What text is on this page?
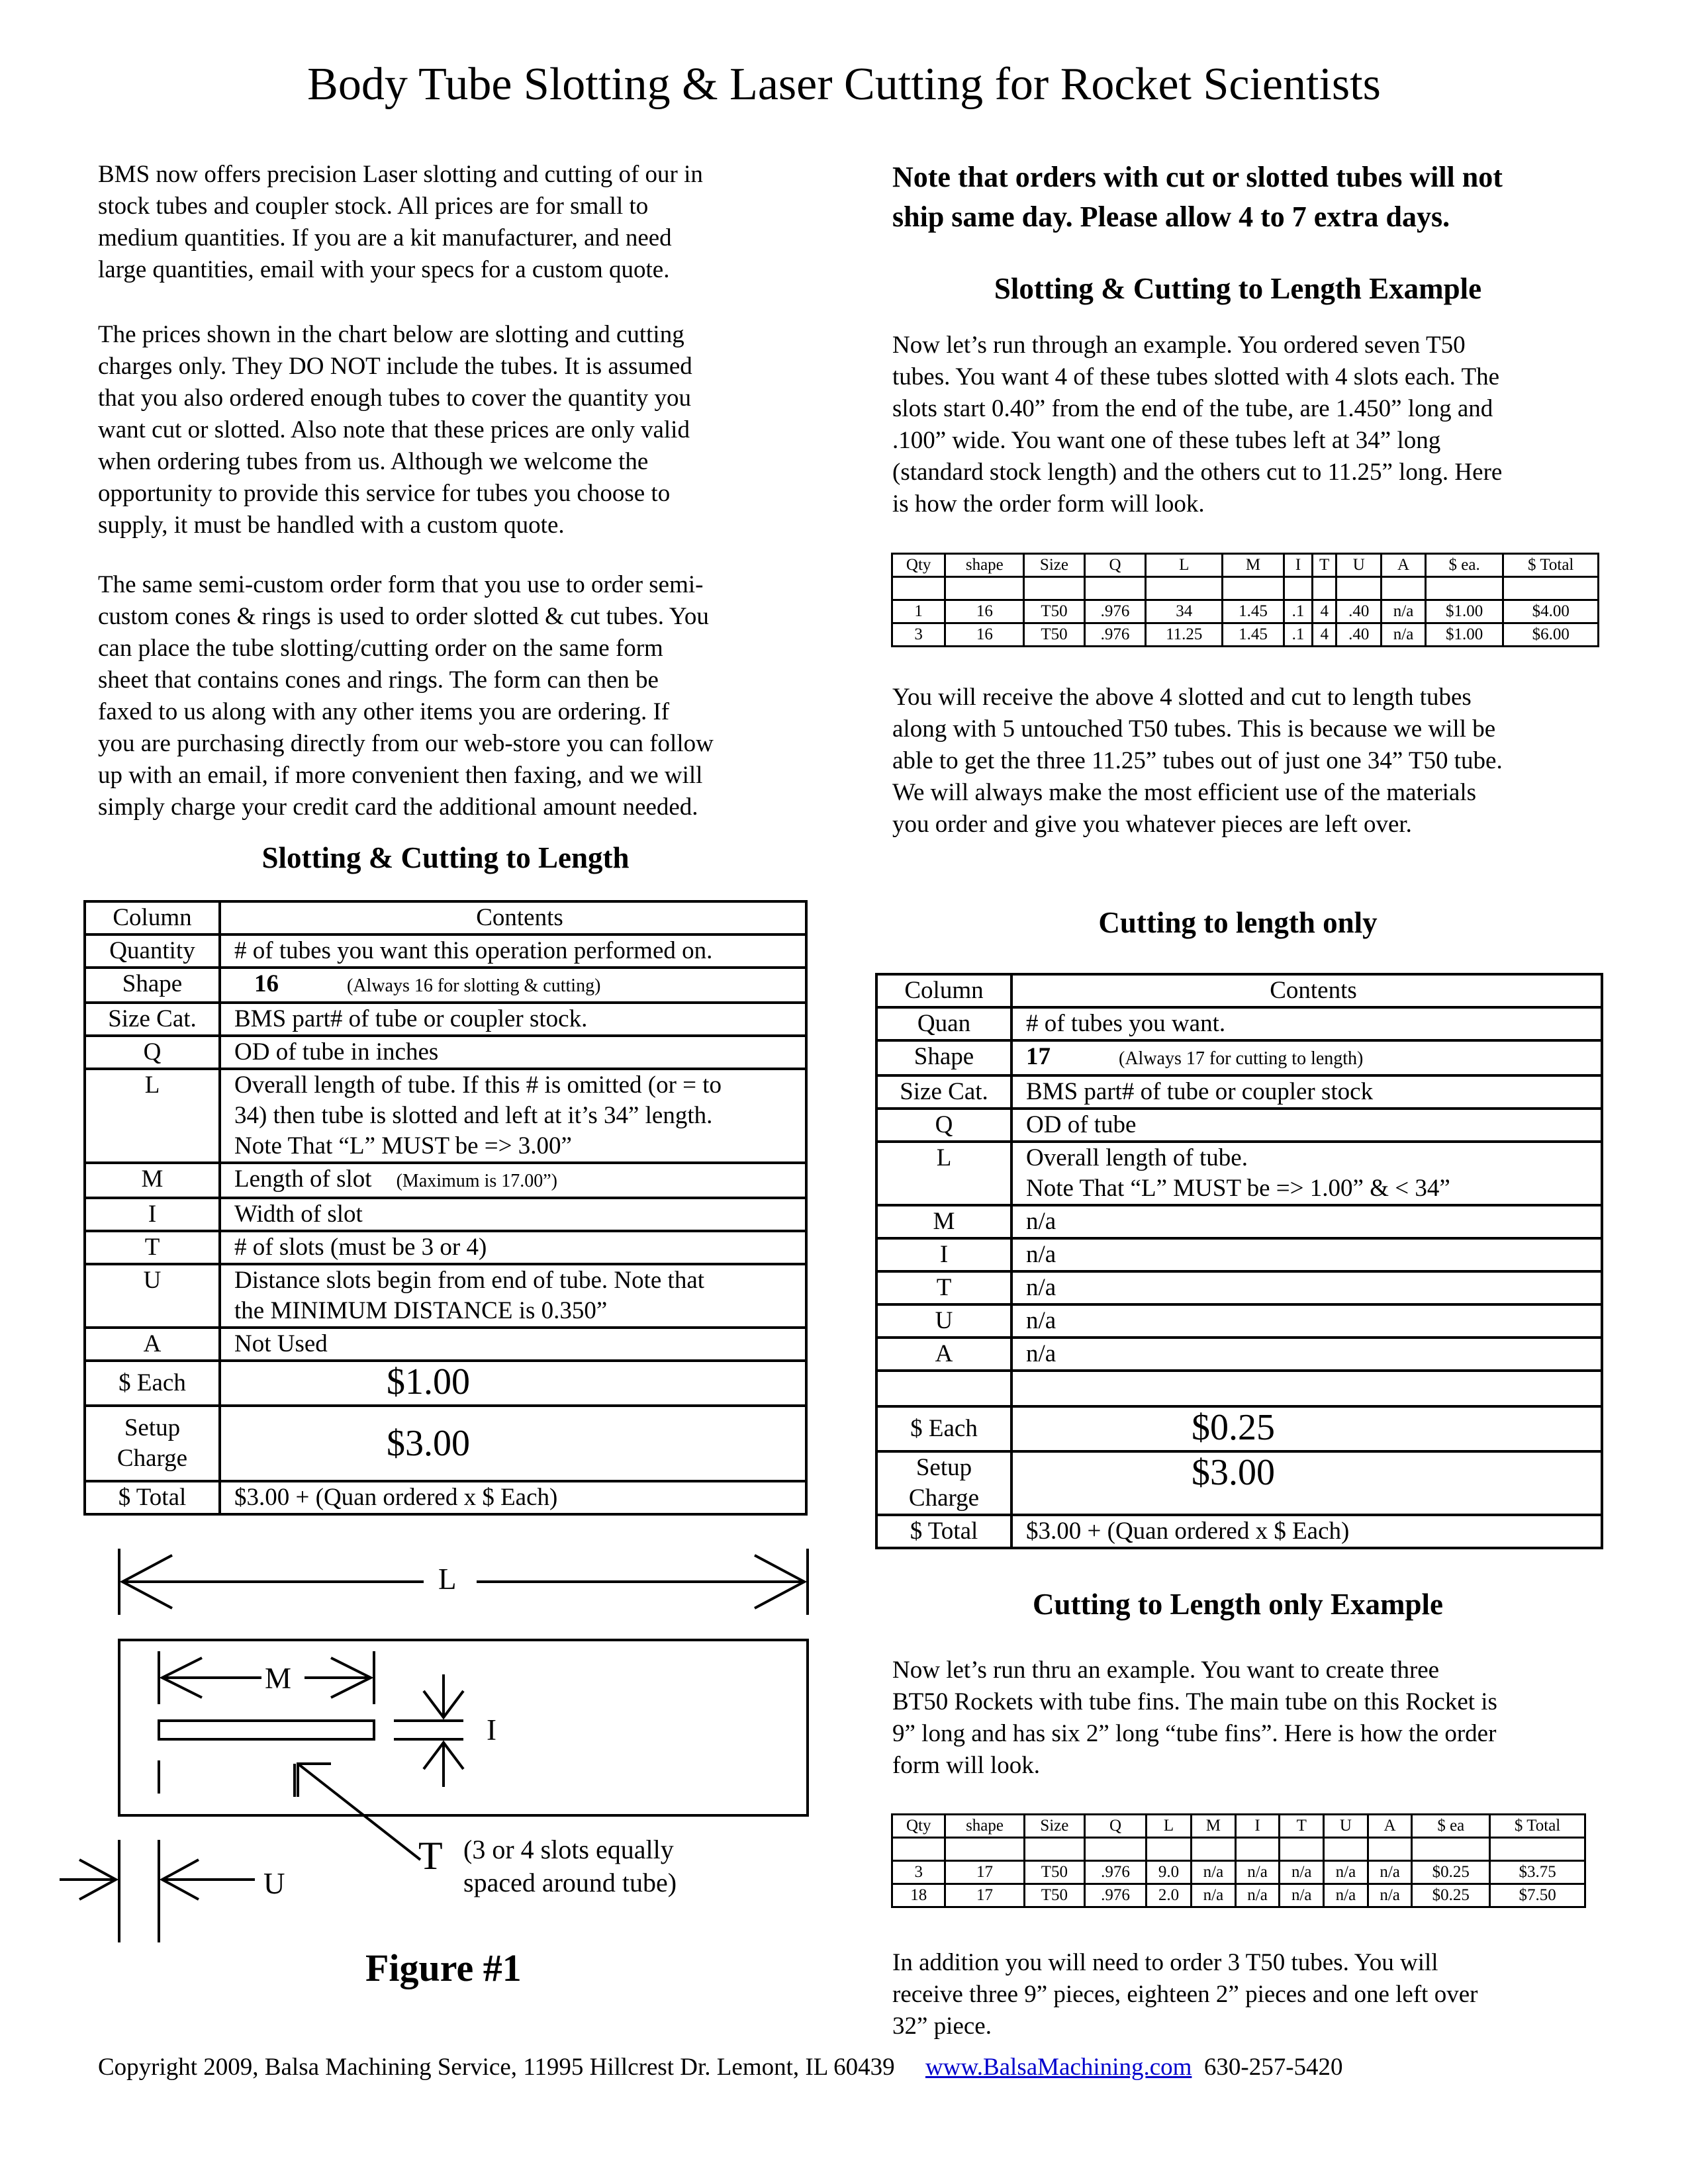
Body Tube Slotting & Laser Cutting for Rocket Scientists
BMS now offers precision Laser slotting and cutting of our in
stock tubes and coupler stock. All prices are for small to
medium quantities. If you are a kit manufacturer, and need
large quantities, email with your specs for a custom quote.
The prices shown in the chart below are slotting and cutting
charges only. They DO NOT include the tubes. It is assumed
that you also ordered enough tubes to cover the quantity you
want cut or slotted. Also note that these prices are only valid
when ordering tubes from us. Although we welcome the
opportunity to provide this service for tubes you choose to
supply, it must be handled with a custom quote.
The same semi-custom order form that you use to order semi-
custom cones & rings is used to order slotted & cut tubes. You
can place the tube slotting/cutting order on the same form
sheet that contains cones and rings. The form can then be
faxed to us along with any other items you are ordering. If
you are purchasing directly from our web-store you can follow
up with an email, if more convenient then faxing, and we will
simply charge your credit card the additional amount needed.
Slotting & Cutting to Length
Column	Contents
Quantity	# of tubes you want this operation performed on.
Shape	16 (Always 16 for slotting & cutting)
Size Cat.	BMS part# of tube or coupler stock.
Q	OD of tube in inches
L	Overall length of tube. If this # is omitted (or = to
34) then tube is slotted and left at it’s 34” length.
Note That “L” MUST be => 3.00”

M	Length of slot (Maximum is 17.00”)
I	Width of slot
T	# of slots (must be 3 or 4)
U	Distance slots begin from end of tube. Note that
the MINIMUM DISTANCE is 0.350”

A	Not Used
$ Each	$1.00

Setup
Charge	$3.00
$ Total	$3.00 + (Quan ordered x $ Each)
L
M
I
T
U
(3 or 4 slots equally
spaced around tube)
Figure #1
Note that orders with cut or slotted tubes will not
ship same day. Please allow 4 to 7 extra days.
Slotting & Cutting to Length Example
Now let’s run through an example. You ordered seven T50
tubes. You want 4 of these tubes slotted with 4 slots each. The
slots start 0.40” from the end of the tube, are 1.450” long and
.100” wide. You want one of these tubes left at 34” long
(standard stock length) and the others cut to 11.25” long. Here
is how the order form will look.
Qty	shape	Size	Q	L	M	I	T	U	A	$ ea.	$ Total

1	16	T50	.976	34	1.45	.1	4	.40	n/a	$1.00	$4.00
3	16	T50	.976	11.25	1.45	.1	4	.40	n/a	$1.00	$6.00
You will receive the above 4 slotted and cut to length tubes
along with 5 untouched T50 tubes. This is because we will be
able to get the three 11.25” tubes out of just one 34” T50 tube.
We will always make the most efficient use of the materials
you order and give you whatever pieces are left over.
Cutting to length only
Column	Contents
Quan	# of tubes you want.
Shape	17 (Always 17 for cutting to length)
Size Cat.	BMS part# of tube or coupler stock
Q	OD of tube
L	Overall length of tube.
Note That “L” MUST be => 1.00” & < 34”

M	n/a
I	n/a
T	n/a
U	n/a
A	n/a

$ Each	$0.25

Setup
Charge	$3.00
$ Total	$3.00 + (Quan ordered x $ Each)
Cutting to Length only Example
Now let’s run thru an example. You want to create three
BT50 Rockets with tube fins. The main tube on this Rocket is
9” long and has six 2” long “tube fins”. Here is how the order
form will look.
Qty	shape	Size	Q	L	M	I	T	U	A	$ ea	$ Total

3	17	T50	.976	9.0	n/a	n/a	n/a	n/a	n/a	$0.25	$3.75
18	17	T50	.976	2.0	n/a	n/a	n/a	n/a	n/a	$0.25	$7.50
In addition you will need to order 3 T50 tubes. You will
receive three 9” pieces, eighteen 2” pieces and one left over
32” piece.
Copyright 2009, Balsa Machining Service, 11995 Hillcrest Dr. Lemont, IL 60439 www.BalsaMachining.com 630-257-5420
